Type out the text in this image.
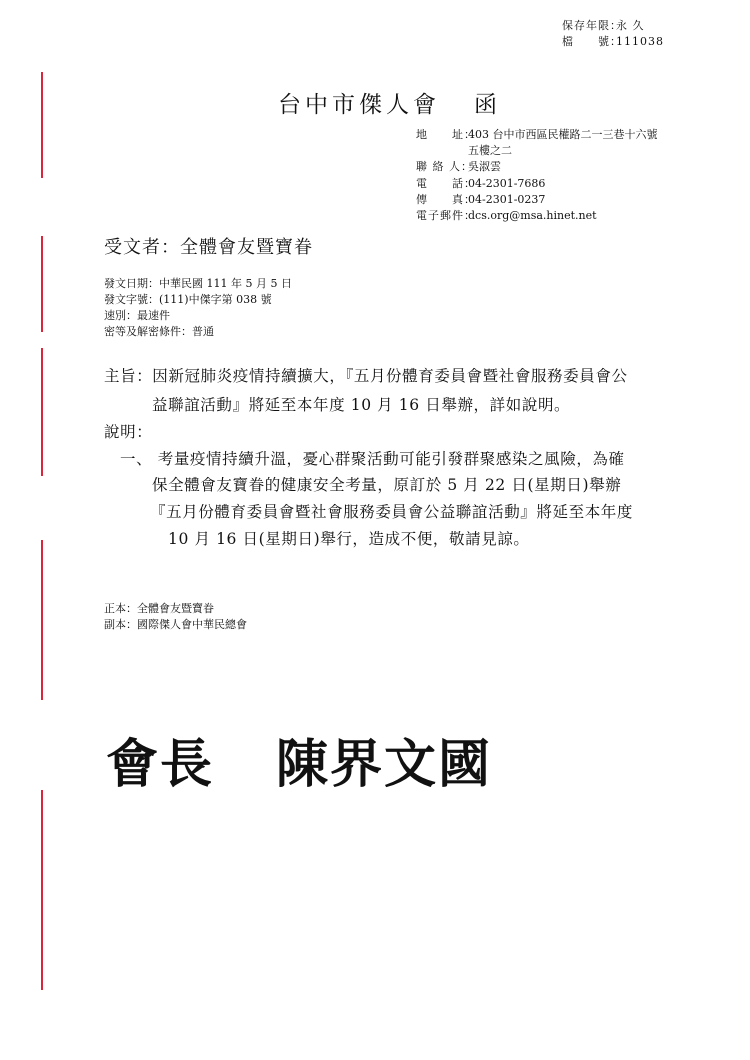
保存年限：永 久
檔　　號：111038
台中市傑人會 函
地　　址：403 台中市西區民權路二一三巷十六號
五樓之二
聯 絡 人：吳淑雲
電　　話：04-2301-7686
傳　　真：04-2301-0237
電子郵件：dcs.org@msa.hinet.net
受文者：全體會友暨寶眷
發文日期：中華民國 111 年 5 月 5 日
發文字號：(111)中傑字第 038 號
速別：最速件
密等及解密條件：普通
主旨：因新冠肺炎疫情持續擴大，『五月份體育委員會暨社會服務委員會公
益聯誼活動』將延至本年度 10 月 16 日舉辦，詳如說明。
說明：
一、 考量疫情持續升溫，憂心群聚活動可能引發群聚感染之風險，為確
保全體會友寶眷的健康安全考量，原訂於 5 月 22 日(星期日)舉辦
『五月份體育委員會暨社會服務委員會公益聯誼活動』將延至本年度
10 月 16 日(星期日)舉行，造成不便，敬請見諒。
正本：全體會友暨寶眷
副本：國際傑人會中華民總會
會長 陳界文國
